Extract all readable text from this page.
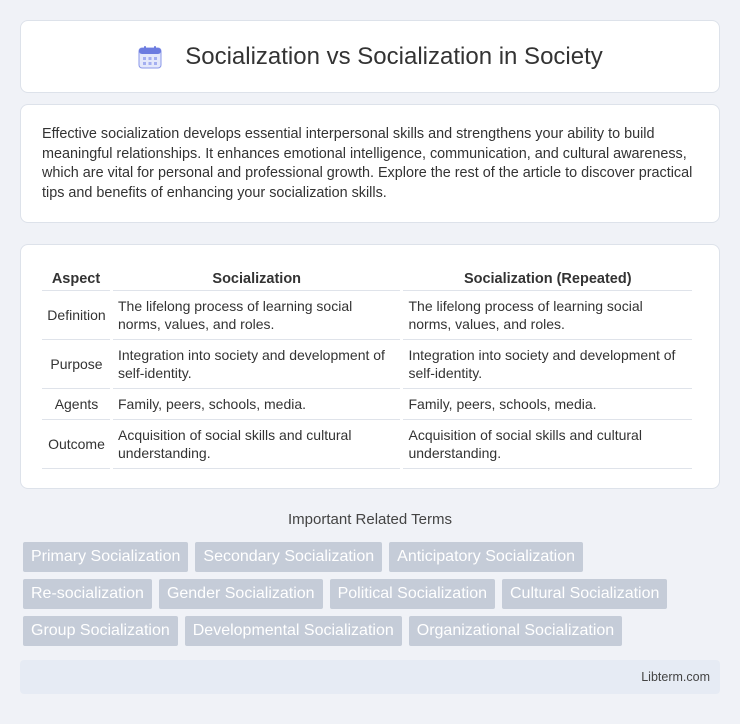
Socialization vs Socialization in Society

Effective socialization develops essential interpersonal skills and strengthens your ability to build meaningful relationships. It enhances emotional intelligence, communication, and cultural awareness, which are vital for personal and professional growth. Explore the rest of the article to discover practical tips and benefits of enhancing your socialization skills.

Aspect	Socialization	Socialization (Repeated)
Definition	The lifelong process of learning social norms, values, and roles.	The lifelong process of learning social norms, values, and roles.
Purpose	Integration into society and development of self-identity.	Integration into society and development of self-identity.
Agents	Family, peers, schools, media.	Family, peers, schools, media.
Outcome	Acquisition of social skills and cultural understanding.	Acquisition of social skills and cultural understanding.
Important Related Terms
Primary Socialization	Secondary Socialization	Anticipatory Socialization
Re-socialization	Gender Socialization	Political Socialization	Cultural Socialization
Group Socialization	Developmental Socialization	Organizational Socialization
Libterm.com
